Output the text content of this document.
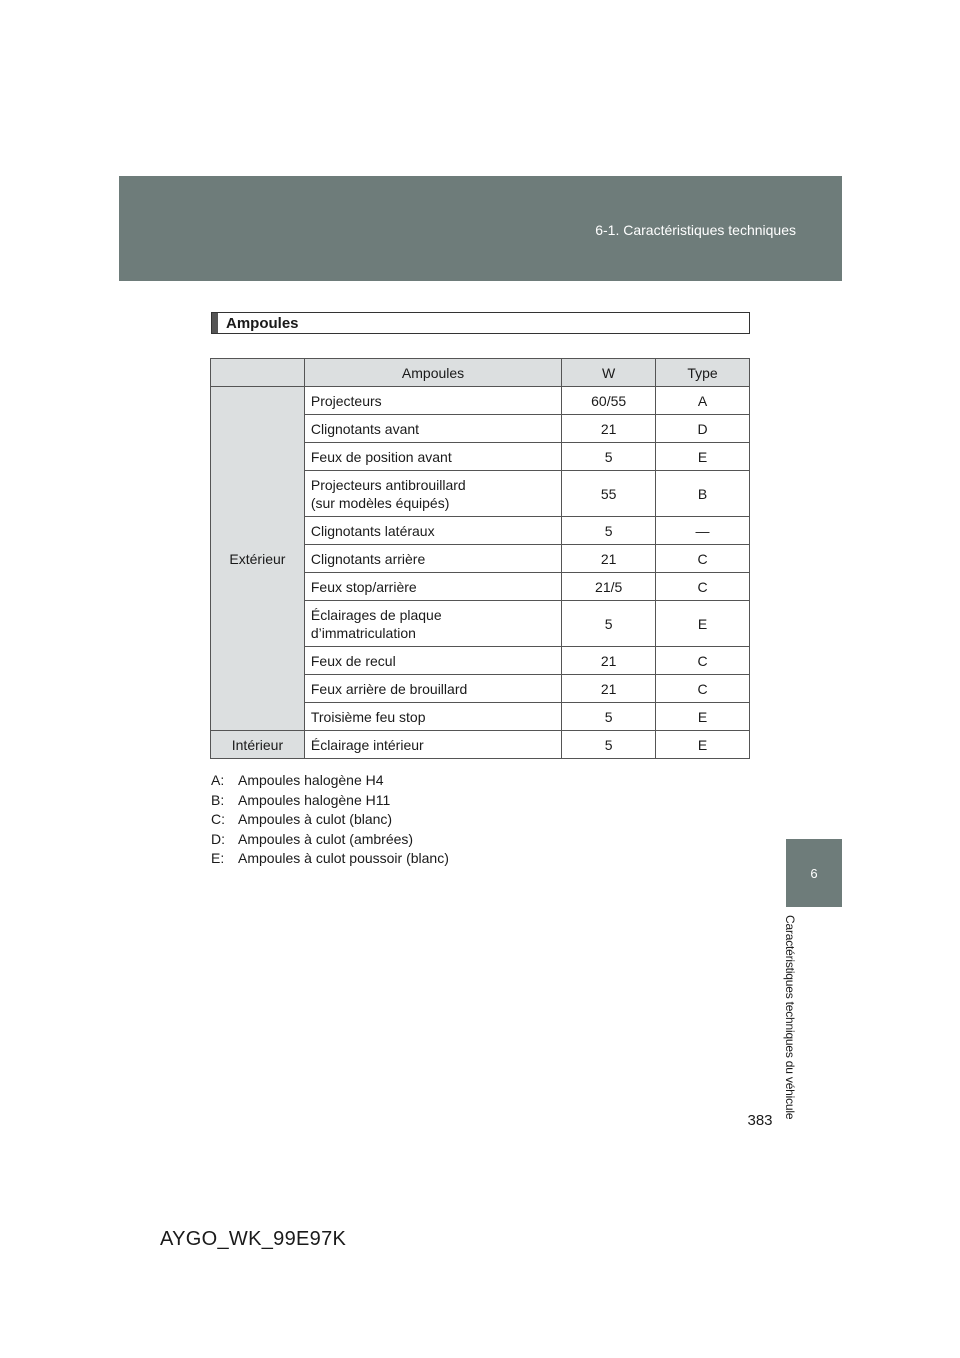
6-1. Caractéristiques techniques
6
Caractéristiques techniques du véhicule
Ampoules
	Ampoules	W	Type
Extérieur	Projecteurs	60/55	A

	Clignotants avant	21	D

	Feux de position avant	5	E

	Projecteurs antibrouillard
(sur modèles équipés)	55	B

	Clignotants latéraux	5	—

	Clignotants arrière	21	C

	Feux stop/arrière	21/5	C

	Éclairages de plaque
d’immatriculation	5	E

	Feux de recul	21	C

	Feux arrière de brouillard	21	C

	Troisième feu stop	5	E
Intérieur	Éclairage intérieur	5	E
A: Ampoules halogène H4
B: Ampoules halogène H11
C: Ampoules à culot (blanc)
D: Ampoules à culot (ambrées)
E: Ampoules à culot poussoir (blanc)
383
AYGO_WK_99E97K
